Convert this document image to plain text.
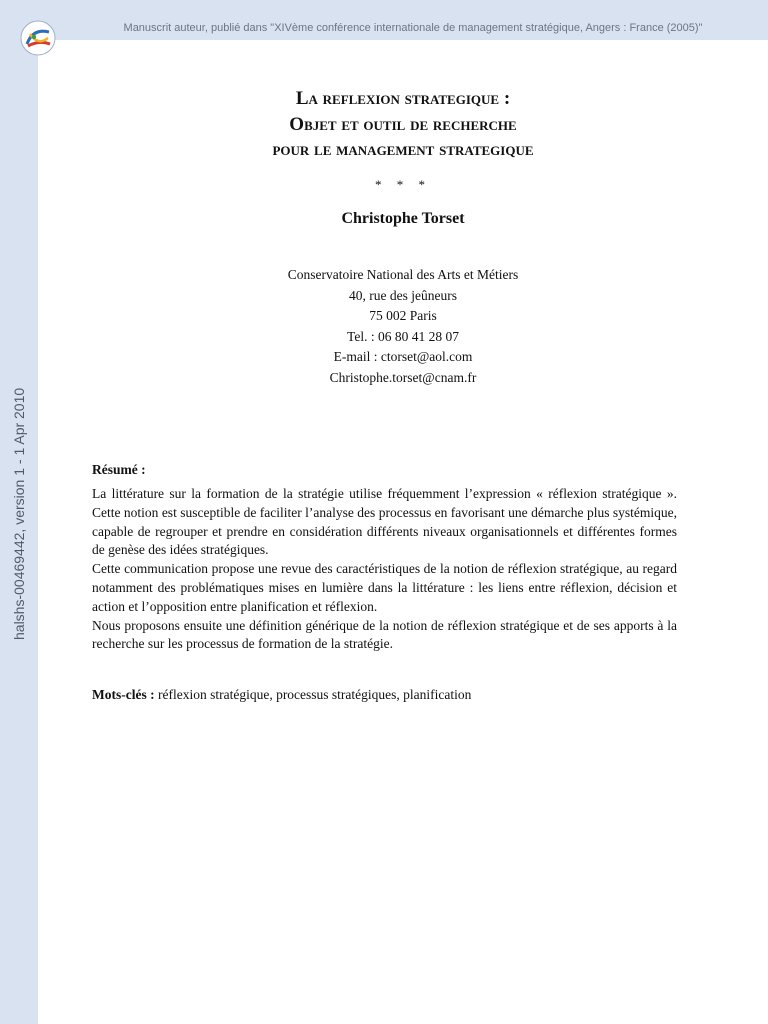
Manuscrit auteur, publié dans "XIVème conférence internationale de management stratégique, Angers : France (2005)"
halshs-00469442, version 1 - 1 Apr 2010
La reflexion strategique :
Objet et outil de recherche
pour le management strategique
* * *
Christophe Torset
Conservatoire National des Arts et Métiers
40, rue des jeûneurs
75 002 Paris
Tel. : 06 80 41 28 07
E-mail : ctorset@aol.com
Christophe.torset@cnam.fr
Résumé :

La littérature sur la formation de la stratégie utilise fréquemment l’expression « réflexion stratégique ». Cette notion est susceptible de faciliter l’analyse des processus en favorisant une démarche plus systémique, capable de regrouper et prendre en considération différents niveaux organisationnels et différentes formes de genèse des idées stratégiques.

Cette communication propose une revue des caractéristiques de la notion de réflexion stratégique, au regard notamment des problématiques mises en lumière dans la littérature : les liens entre réflexion, décision et action et l’opposition entre planification et réflexion.

Nous proposons ensuite une définition générique de la notion de réflexion stratégique et de ses apports à la recherche sur les processus de formation de la stratégie.

Mots-clés : réflexion stratégique, processus stratégiques, planification
